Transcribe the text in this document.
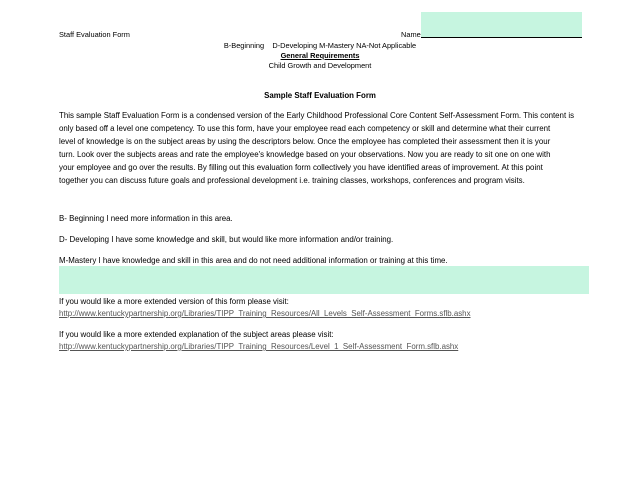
Staff Evaluation Form	Name
B-Beginning    D-Developing M-Mastery NA-Not Applicable
General Requirements
Child Growth and Development
Sample Staff Evaluation Form
This sample Staff Evaluation Form is a condensed version of the Early Childhood Professional Core Content Self-Assessment Form. This content is
only based off a level one competency. To use this form, have your employee read each competency or skill and determine what their current
level of knowledge is on the subject areas by using the descriptors below. Once the employee has completed their assessment then it is your
turn. Look over the subjects areas and rate the employee's knowledge based on your observations. Now you are ready to sit one on one with
your employee and go over the results. By filling out this evaluation form collectively you have identified areas of improvement. At this point
together you can discuss future goals and professional development i.e. training classes, workshops, conferences and program visits.
B- Beginning I need more information in this area.
D- Developing I have some knowledge and skill, but would like more information and/or training.
M-Mastery I have knowledge and skill in this area and do not need additional information or training at this time.
If you would like a more extended version of this form please visit:
http://www.kentuckypartnership.org/Libraries/TIPP_Training_Resources/All_Levels_Self-Assessment_Forms.sflb.ashx
If you would like a more extended explanation of the subject areas please visit:
http://www.kentuckypartnership.org/Libraries/TIPP_Training_Resources/Level_1_Self-Assessment_Form.sflb.ashx
